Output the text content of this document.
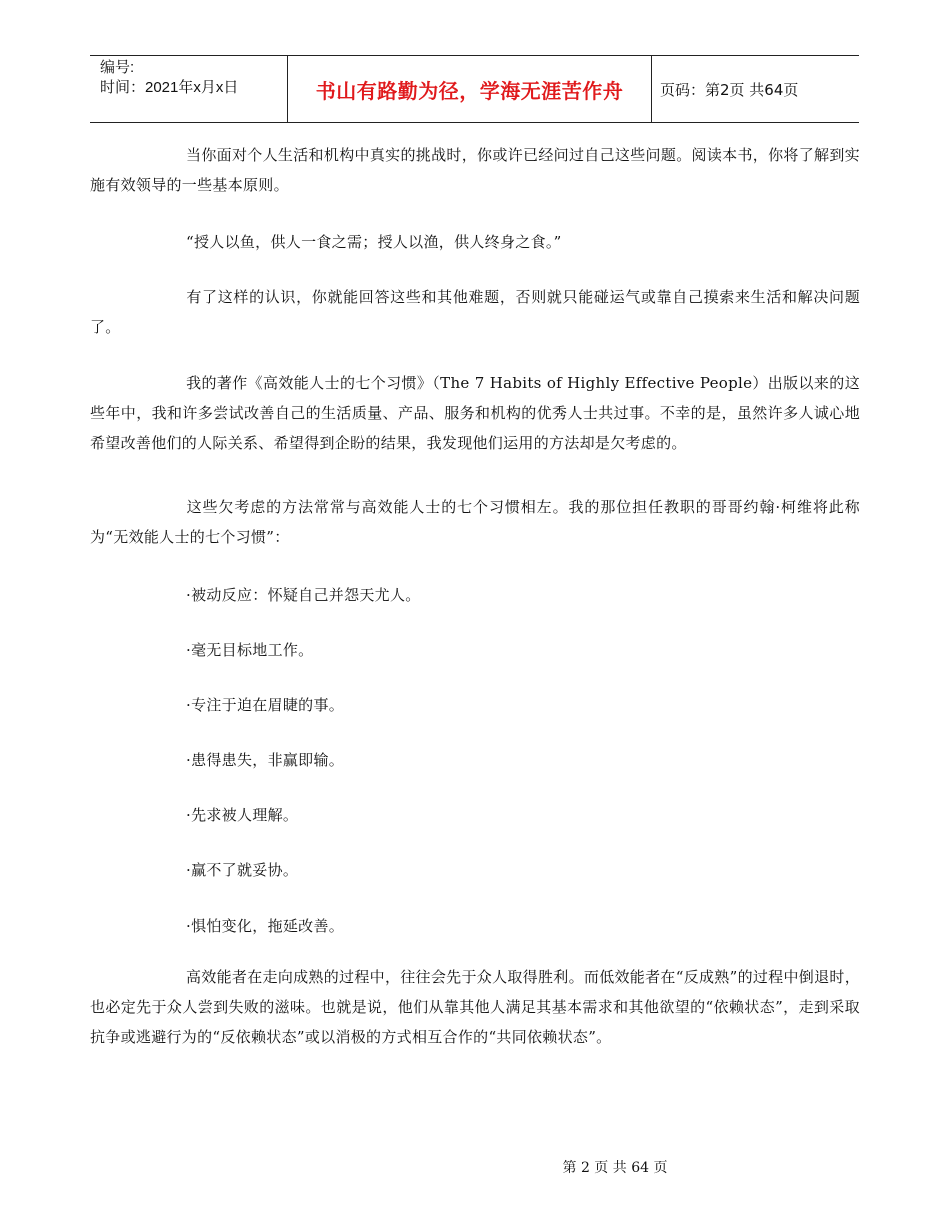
编号:
时间：2021年x月x日	书山有路勤为径，学海无涯苦作舟	页码：第2页 共64页
当你面对个人生活和机构中真实的挑战时，你或许已经问过自己这些问题。阅读本书，你将了解到实施有效领导的一些基本原则。
“授人以鱼，供人一食之需；授人以渔，供人终身之食。”
有了这样的认识，你就能回答这些和其他难题，否则就只能碰运气或靠自己摸索来生活和解决问题了。
我的著作《高效能人士的七个习惯》（The 7 Habits of Highly Effective People）出版以来的这些年中，我和许多尝试改善自己的生活质量、产品、服务和机构的优秀人士共过事。不幸的是，虽然许多人诚心地希望改善他们的人际关系、希望得到企盼的结果，我发现他们运用的方法却是欠考虑的。
这些欠考虑的方法常常与高效能人士的七个习惯相左。我的那位担任教职的哥哥约翰·柯维将此称为“无效能人士的七个习惯”：
·被动反应：怀疑自己并怨天尤人。
·毫无目标地工作。
·专注于迫在眉睫的事。
·患得患失，非赢即输。
·先求被人理解。
·赢不了就妥协。
·惧怕变化，拖延改善。
高效能者在走向成熟的过程中，往往会先于众人取得胜利。而低效能者在“反成熟”的过程中倒退时，也必定先于众人尝到失败的滋味。也就是说，他们从靠其他人满足其基本需求和其他欲望的“依赖状态”，走到采取抗争或逃避行为的“反依赖状态”或以消极的方式相互合作的“共同依赖状态”。
第 2 页 共 64 页
